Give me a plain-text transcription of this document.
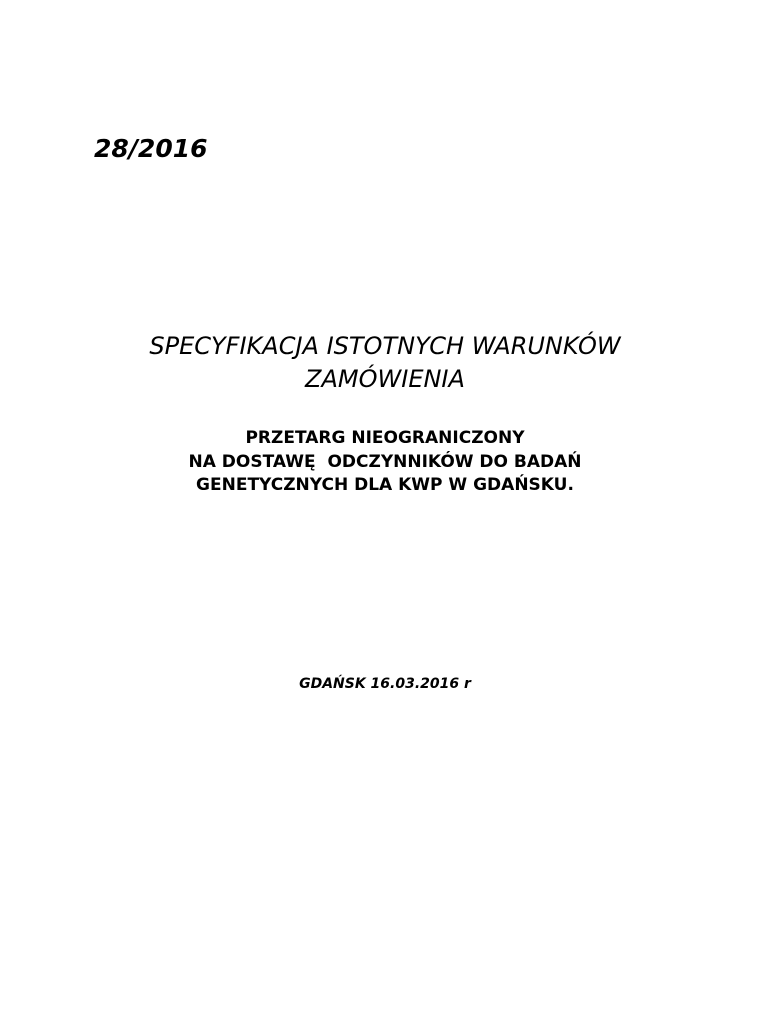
28/2016
SPECYFIKACJA ISTOTNYCH WARUNKÓW
ZAMÓWIENIA
PRZETARG NIEOGRANICZONY
NA DOSTAWĘ  ODCZYNNIKÓW DO BADAŃ
GENETYCZNYCH DLA KWP W GDAŃSKU.

GDAŃSK 16.03.2016 r
